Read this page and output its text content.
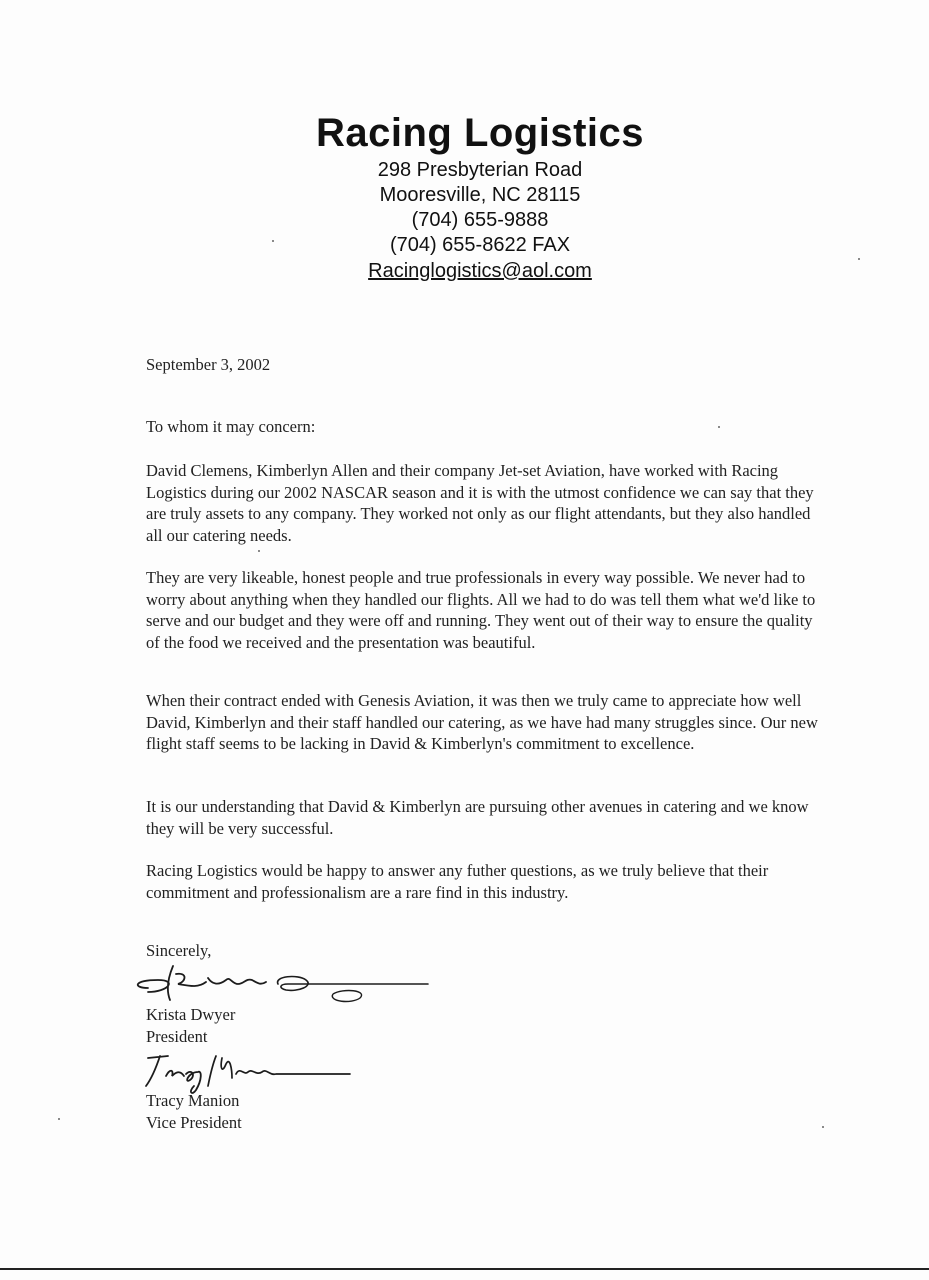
Racing Logistics
298 Presbyterian Road
Mooresville, NC 28115
(704) 655-9888
(704) 655-8622 FAX
Racinglogistics@aol.com
September 3, 2002
To whom it may concern:
David Clemens, Kimberlyn Allen and their company Jet-set Aviation, have worked with Racing Logistics during our 2002 NASCAR season and it is with the utmost confidence we can say that they are truly assets to any company. They worked not only as our flight attendants, but they also handled all our catering needs.
They are very likeable, honest people and true professionals in every way possible. We never had to worry about anything when they handled our flights. All we had to do was tell them what we'd like to serve and our budget and they were off and running. They went out of their way to ensure the quality of the food we received and the presentation was beautiful.
When their contract ended with Genesis Aviation, it was then we truly came to appreciate how well David, Kimberlyn and their staff handled our catering, as we have had many struggles since. Our new flight staff seems to be lacking in David & Kimberlyn's commitment to excellence.
It is our understanding that David & Kimberlyn are pursuing other avenues in catering and we know they will be very successful.
Racing Logistics would be happy to answer any futher questions, as we truly believe that their commitment and professionalism are a rare find in this industry.
Sincerely,
Krista Dwyer
President
Tracy Manion
Vice President
